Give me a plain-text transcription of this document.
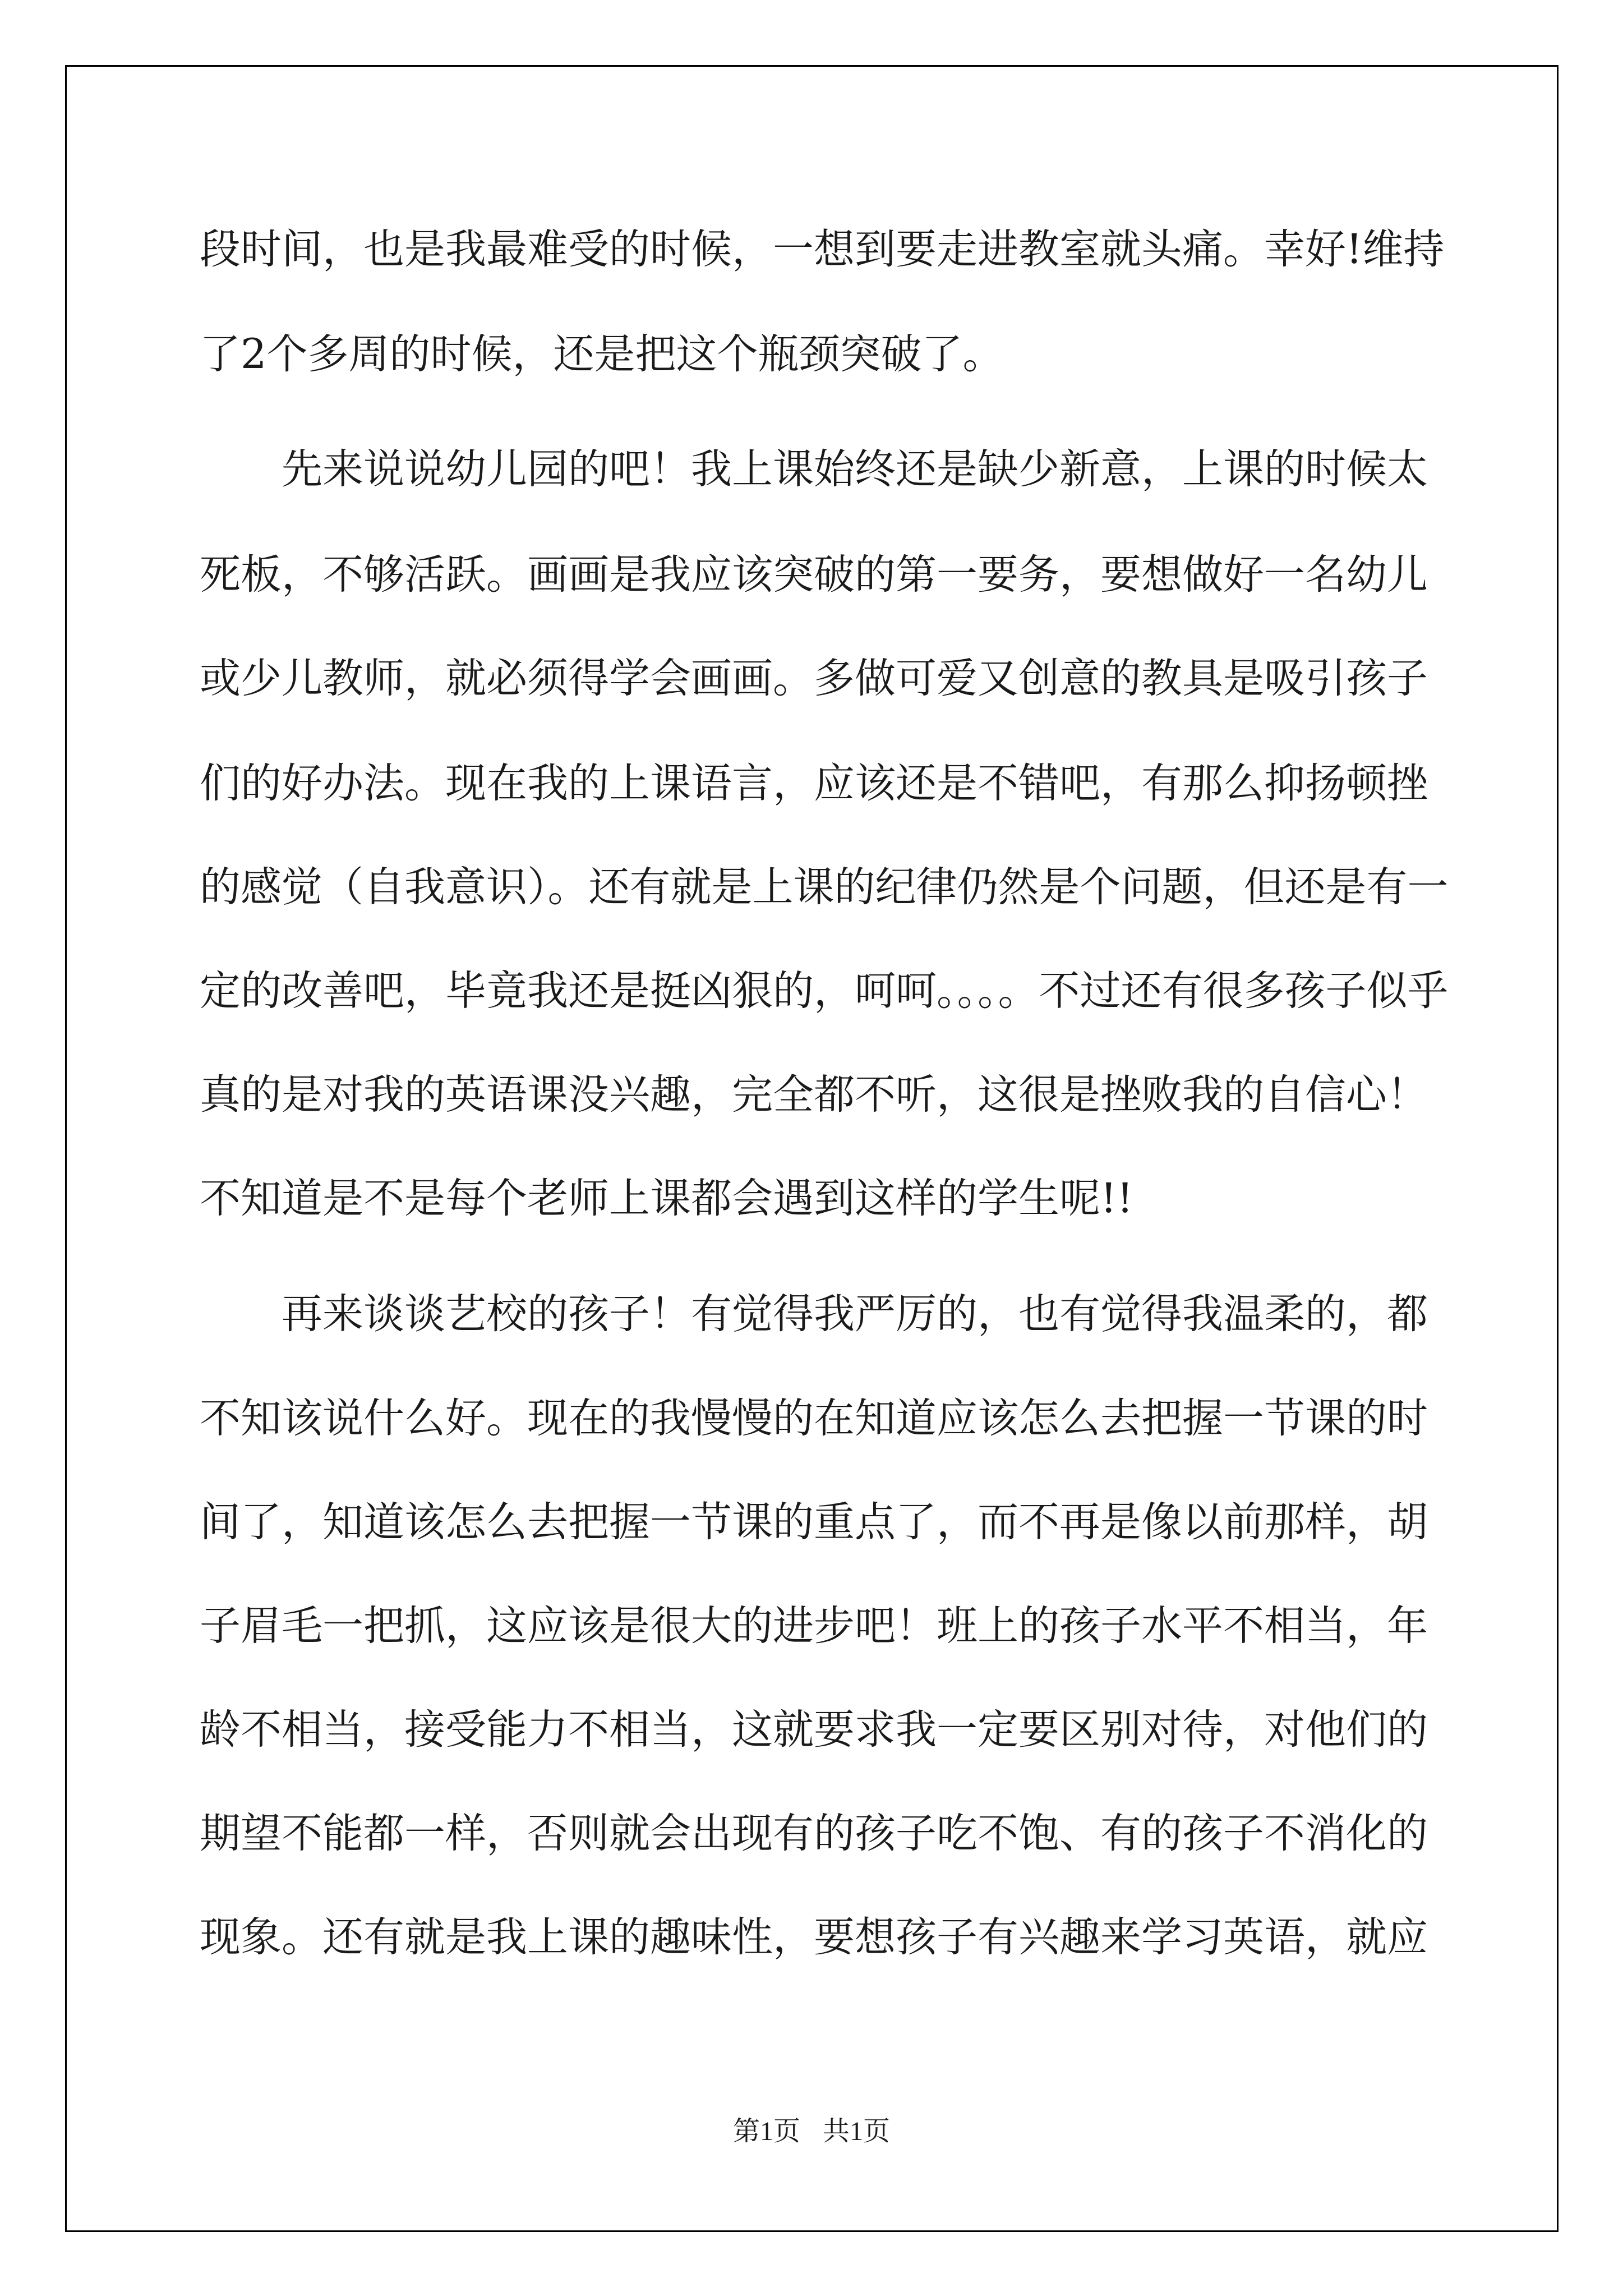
段时间，也是我最难受的时候，一想到要走进教室就头痛。幸好!维持
了2个多周的时候，还是把这个瓶颈突破了。
　　先来说说幼儿园的吧！我上课始终还是缺少新意，上课的时候太
死板，不够活跃。画画是我应该突破的第一要务，要想做好一名幼儿
或少儿教师，就必须得学会画画。多做可爱又创意的教具是吸引孩子
们的好办法。现在我的上课语言，应该还是不错吧，有那么抑扬顿挫
的感觉（自我意识）。还有就是上课的纪律仍然是个问题，但还是有一
定的改善吧，毕竟我还是挺凶狠的，呵呵。。。。不过还有很多孩子似乎
真的是对我的英语课没兴趣，完全都不听，这很是挫败我的自信心！
不知道是不是每个老师上课都会遇到这样的学生呢!!
　　再来谈谈艺校的孩子！有觉得我严厉的，也有觉得我温柔的，都
不知该说什么好。现在的我慢慢的在知道应该怎么去把握一节课的时
间了，知道该怎么去把握一节课的重点了，而不再是像以前那样，胡
子眉毛一把抓，这应该是很大的进步吧！班上的孩子水平不相当，年
龄不相当，接受能力不相当，这就要求我一定要区别对待，对他们的
期望不能都一样，否则就会出现有的孩子吃不饱、有的孩子不消化的
现象。还有就是我上课的趣味性，要想孩子有兴趣来学习英语，就应
第1页 共1页
